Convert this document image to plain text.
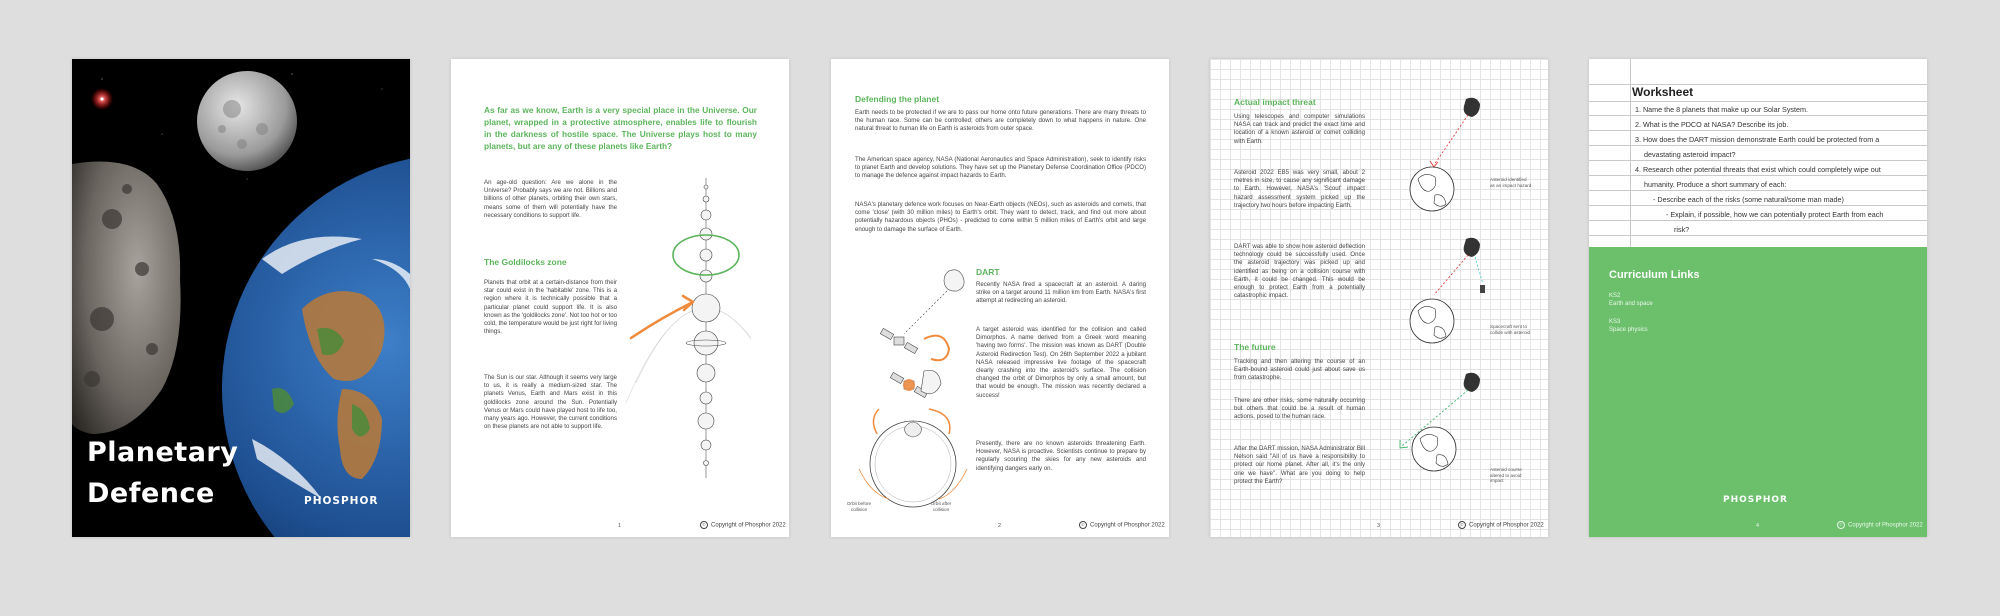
Planetary
Defence	PHOSPHOR

As far as we know, Earth is a very special place in the Universe. Our planet, wrapped in a protective atmosphere, enables life to flourish in the darkness of hostile space. The Universe plays host to many planets, but are any of these planets like Earth?

An age-old question: Are we alone in the Universe? Probably says we are not. Billions and billions of other planets, orbiting their own stars, means some of them will potentially have the necessary conditions to support life.

The Goldilocks zone

Planets that orbit at a certain-distance from their star could exist in the 'habitable' zone. This is a region where it is technically possible that a particular planet could support life. It is also known as the 'goldilocks zone'. Not too hot or too cold, the temperature would be just right for living things.

The Sun is our star. Although it seems very large to us, it is really a medium-sized star. The planets Venus, Earth and Mars exist in this goldilocks zone around the Sun. Potentially Venus or Mars could have played host to life too, many years ago. However, the current conditions on these planets are not able to support life.

1	© Copyright of Phosphor 2022

Defending the planet

Earth needs to be protected if we are to pass our home onto future generations. There are many threats to the human race. Some can be controlled; others are completely down to what happens in nature. One natural threat to human life on Earth is asteroids from outer space.

The American space agency, NASA (National Aeronautics and Space Administration), seek to identify risks to planet Earth and develop solutions. They have set up the Planetary Defense Coordination Office (PDCO) to manage the defence against impact hazards to Earth.

NASA's planetary defence work focuses on Near-Earth objects (NEOs), such as asteroids and comets, that come 'close' (with 30 million miles) to Earth's orbit. They want to detect, track, and find out more about potentially hazardous objects (PHOs) - predicted to come within 5 million miles of Earth's orbit and large enough to damage the surface of Earth.

Orbit before collision
Orbit after collision

DART

Recently NASA fired a spacecraft at an asteroid. A daring strike on a target around 11 million km from Earth. NASA's first attempt at redirecting an asteroid.

A target asteroid was identified for the collision and called Dimorphos. A name derived from a Greek word meaning 'having two forms'. The mission was known as DART (Double Asteroid Redirection Test). On 26th September 2022 a jubilant NASA released impressive live footage of the spacecraft clearly crashing into the asteroid's surface. The collision changed the orbit of Dimorphos by only a small amount, but that would be enough. The mission was recently declared a success!

Presently, there are no known asteroids threatening Earth. However, NASA is proactive. Scientists continue to prepare by regularly scouring the skies for any new asteroids and identifying dangers early on.

2	© Copyright of Phosphor 2022

Actual impact threat

Using telescopes and computer simulations NASA can track and predict the exact time and location of a known asteroid or comet colliding with Earth.

Asteroid 2022 EB5 was very small, about 2 metres in size, to cause any significant damage to Earth. However, NASA's 'Scout' impact hazard assessment system picked up the trajectory two hours before impacting Earth.

DART was able to show how asteroid deflection technology could be successfully used. Once the asteroid trajectory was picked up and identified as being on a collision course with Earth, it could be changed. This would be enough to protect Earth from a potentially catastrophic impact.

The future

Tracking and then altering the course of an Earth-bound asteroid could just about save us from catastrophe.

There are other risks, some naturally occurring but others that could be a result of human actions, posed to the human race.

After the DART mission, NASA Administrator Bill Nelson said "All of us have a responsibility to protect our home planet. After all, it's the only one we have". What are you doing to help protect the Earth?

Asteroid identified as an impact hazard
Spacecraft sent to collide with asteroid
Asteroid course altered to avoid impact
3	© Copyright of Phosphor 2022
Worksheet
1. Name the 8 planets that make up our Solar System.
2. What is the PDCO at NASA? Describe its job.
3. How does the DART mission demonstrate Earth could be protected from a
devastating asteroid impact?
4. Research other potential threats that exist which could completely wipe out
humanity. Produce a short summary of each:
- Describe each of the risks (some natural/some man made)
- Explain, if possible, how we can potentially protect Earth from each
risk?
Curriculum Links
KS2
Earth and space
KS3
Space physics
PHOSPHOR
4	© Copyright of Phosphor 2022
